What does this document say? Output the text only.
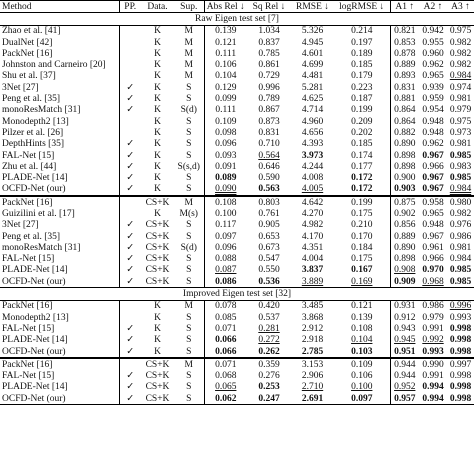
Method	PP.	Data.	Sup.	Abs Rel ↓	Sq Rel ↓	RMSE ↓	logRMSE ↓	A1 ↑	A2 ↑	A3 ↑
Raw Eigen test set [7]										
Zhao et al. [41]		K	M	0.139	1.034	5.326	0.214	0.821	0.942	0.975
DualNet [42]		K	M	0.121	0.837	4.945	0.197	0.853	0.955	0.982
PackNet [16]		K	M	0.111	0.785	4.601	0.189	0.878	0.960	0.982
Johnston and Carneiro [20]		K	M	0.106	0.861	4.699	0.185	0.889	0.962	0.982
Shu et al. [37]		K	M	0.104	0.729	4.481	0.179	0.893	0.965	0.984
3Net [27]	✓	K	S	0.129	0.996	5.281	0.223	0.831	0.939	0.974
Peng et al. [35]	✓	K	S	0.099	0.789	4.625	0.187	0.881	0.959	0.981
monoResMatch [31]	✓	K	S(d)	0.111	0.867	4.714	0.199	0.864	0.954	0.979
Monodepth2 [13]		K	S	0.109	0.873	4.960	0.209	0.864	0.948	0.975
Pilzer et al. [26]		K	S	0.098	0.831	4.656	0.202	0.882	0.948	0.973
DepthHints [35]	✓	K	S	0.096	0.710	4.393	0.185	0.890	0.962	0.981
FAL-Net [15]	✓	K	S	0.093	0.564	3.973	0.174	0.898	0.967	0.985
Zhu et al. [44]	✓	K	S(s,d)	0.091	0.646	4.244	0.177	0.898	0.966	0.983
PLADE-Net [14]	✓	K	S	0.089	0.590	4.008	0.172	0.900	0.967	0.985
OCFD-Net (our)	✓	K	S	0.090	0.563	4.005	0.172	0.903	0.967	0.984
PackNet [16]		CS+K	M	0.108	0.803	4.642	0.199	0.875	0.958	0.980
Guizilini et al. [17]		K	M(s)	0.100	0.761	4.270	0.175	0.902	0.965	0.982
3Net [27]	✓	CS+K	S	0.117	0.905	4.982	0.210	0.856	0.948	0.976
Peng et al. [35]	✓	CS+K	S	0.097	0.653	4.170	0.170	0.889	0.967	0.986
monoResMatch [31]	✓	CS+K	S(d)	0.096	0.673	4.351	0.184	0.890	0.961	0.981
FAL-Net [15]	✓	CS+K	S	0.088	0.547	4.004	0.175	0.898	0.966	0.984
PLADE-Net [14]	✓	CS+K	S	0.087	0.550	3.837	0.167	0.908	0.970	0.985
OCFD-Net (our)	✓	CS+K	S	0.086	0.536	3.889	0.169	0.909	0.968	0.985
Improved Eigen test set [32]										
PackNet [16]		K	M	0.078	0.420	3.485	0.121	0.931	0.986	0.996
Monodepth2 [13]		K	S	0.085	0.537	3.868	0.139	0.912	0.979	0.993
FAL-Net [15]	✓	K	S	0.071	0.281	2.912	0.108	0.943	0.991	0.998
PLADE-Net [14]	✓	K	S	0.066	0.272	2.918	0.104	0.945	0.992	0.998
OCFD-Net (our)	✓	K	S	0.066	0.262	2.785	0.103	0.951	0.993	0.998
PackNet [16]		CS+K	M	0.071	0.359	3.153	0.109	0.944	0.990	0.997
FAL-Net [15]	✓	CS+K	S	0.068	0.276	2.906	0.106	0.944	0.991	0.998
PLADE-Net [14]	✓	CS+K	S	0.065	0.253	2.710	0.100	0.952	0.994	0.998
OCFD-Net (our)	✓	CS+K	S	0.062	0.247	2.691	0.097	0.957	0.994	0.998
